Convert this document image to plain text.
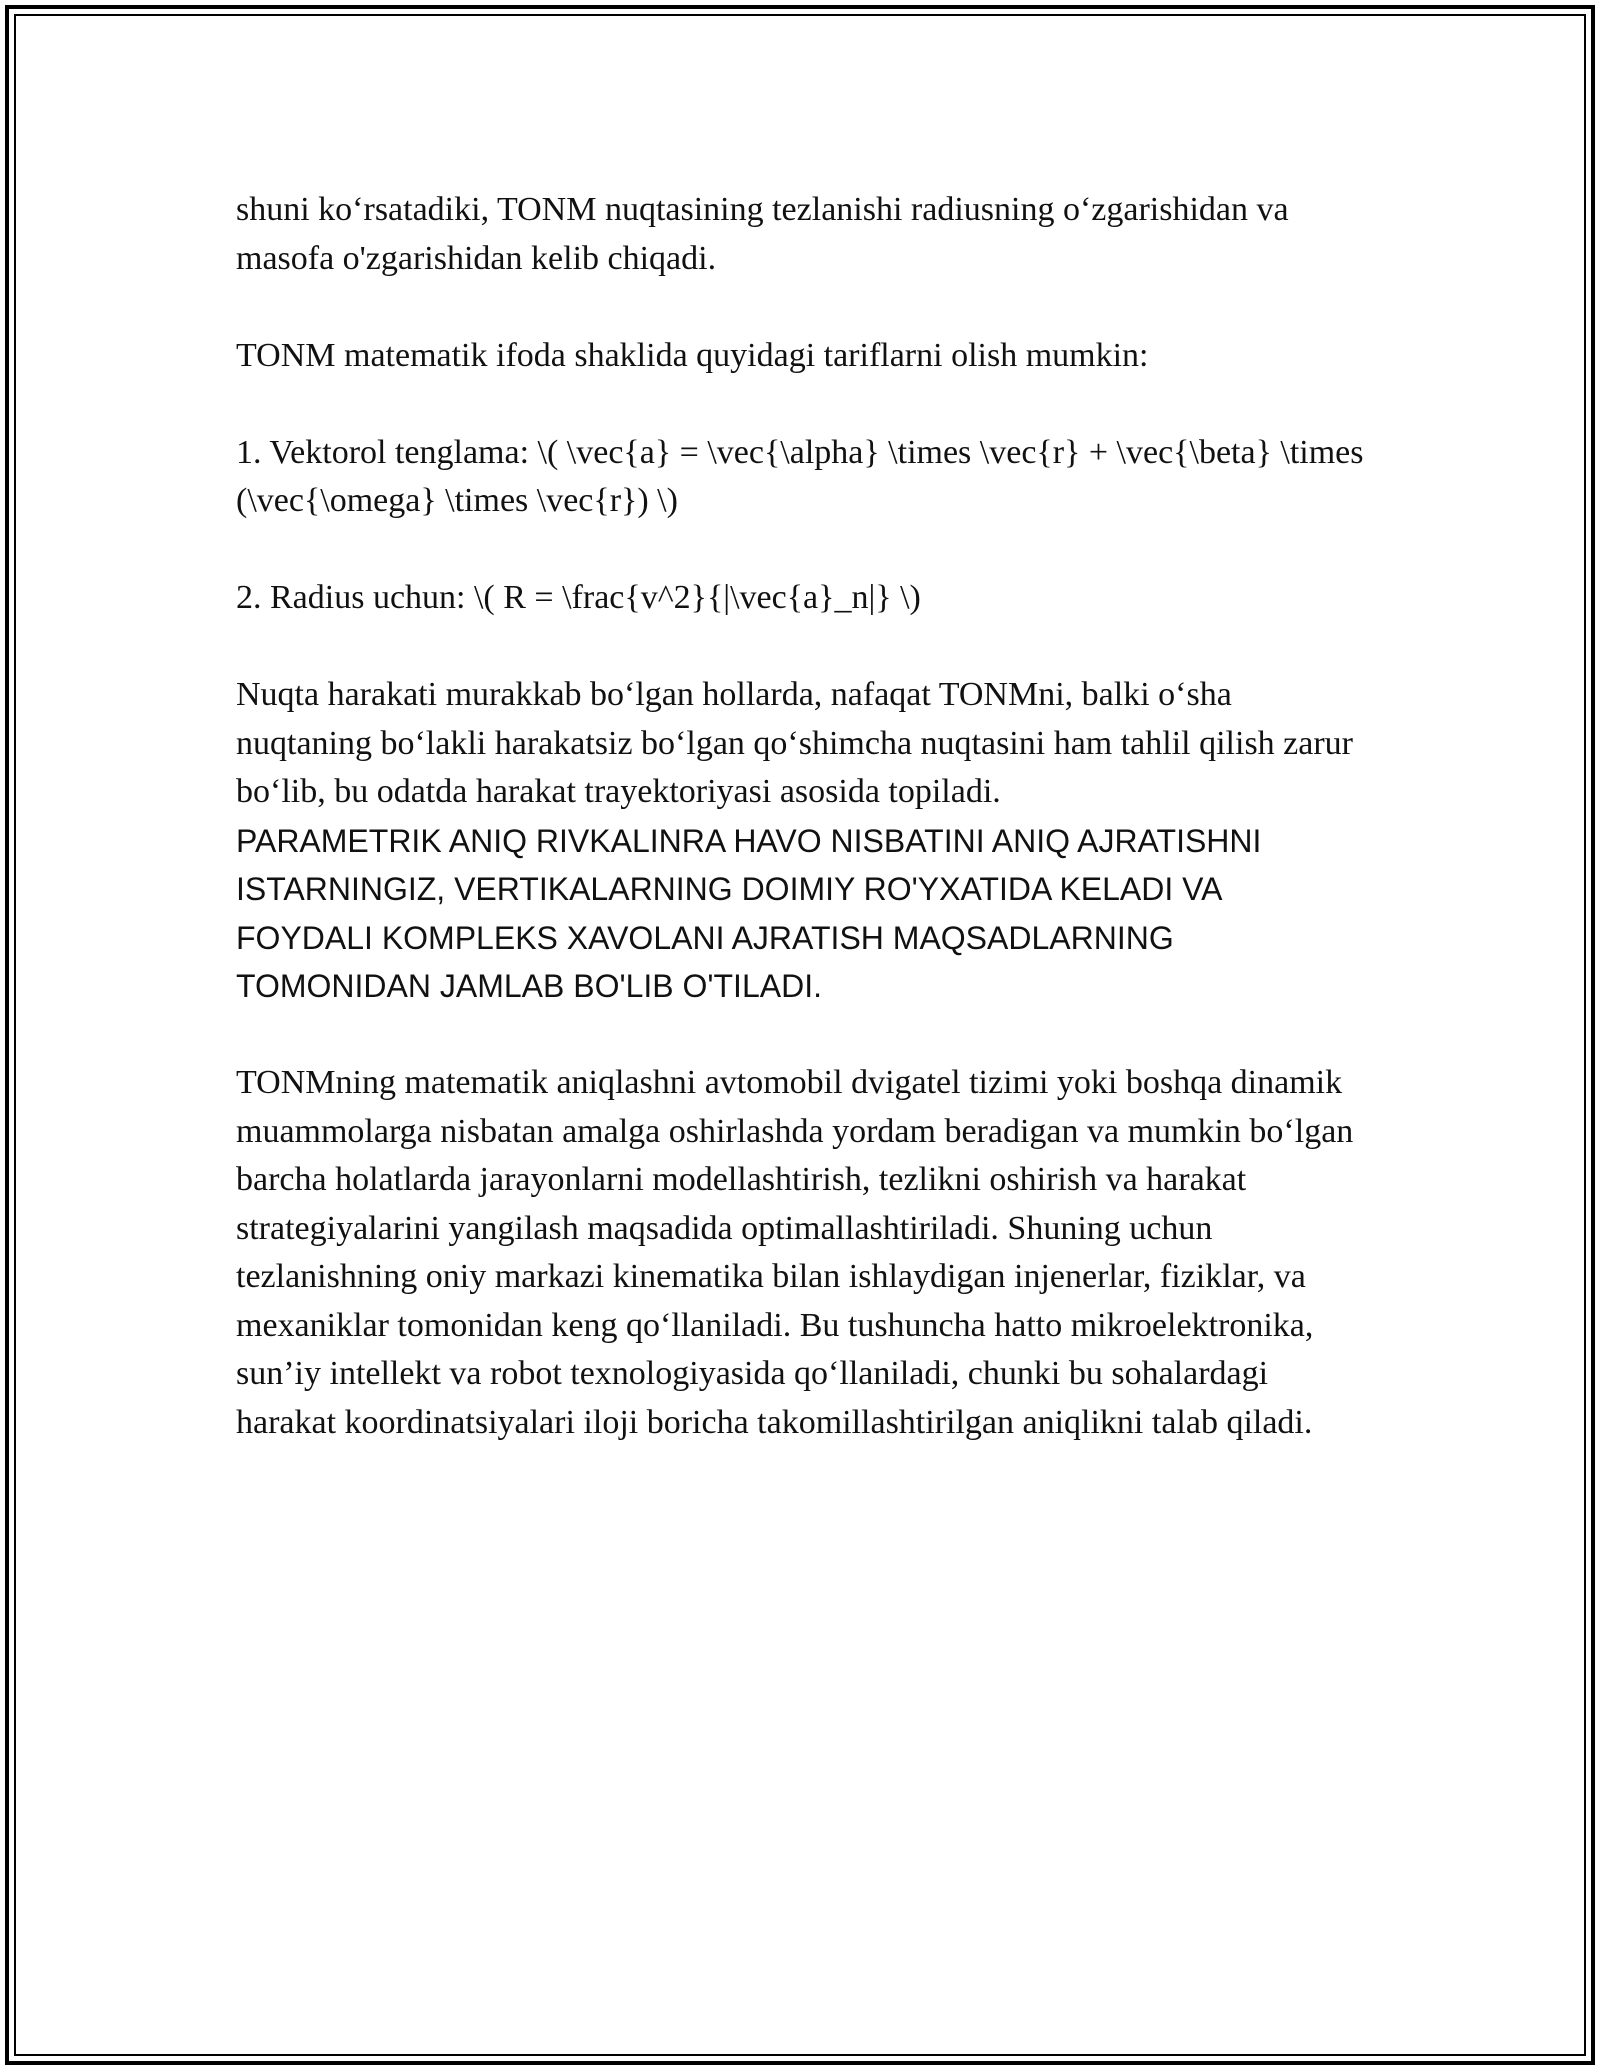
shuni ko‘rsatadiki, TONM nuqtasining tezlanishi radiusning o‘zgarishidan va masofa o'zgarishidan kelib chiqadi.

TONM matematik ifoda shaklida quyidagi tariflarni olish mumkin:

1. Vektorol tenglama: \( \vec{a} = \vec{\alpha} \times \vec{r} + \vec{\beta} \times (\vec{\omega} \times \vec{r}) \)

2. Radius uchun: \( R = \frac{v^2}{|\vec{a}_n|} \)

Nuqta harakati murakkab bo‘lgan hollarda, nafaqat TONMni, balki o‘sha nuqtaning bo‘lakli harakatsiz bo‘lgan qo‘shimcha nuqtasini ham tahlil qilish zarur bo‘lib, bu odatda harakat trayektoriyasi asosida topiladi.

PARAMETRIK ANIQ RIVKALINRA HAVO NISBATINI ANIQ AJRATISHNI ISTARNINGIZ, VERTIKALARNING DOIMIY RO'YXATIDA KELADI VA FOYDALI KOMPLEKS XAVOLANI AJRATISH MAQSADLARNING TOMONIDAN JAMLAB BO'LIB O'TILADI.

TONMning matematik aniqlashni avtomobil dvigatel tizimi yoki boshqa dinamik muammolarga nisbatan amalga oshirlashda yordam beradigan va mumkin bo‘lgan barcha holatlarda jarayonlarni modellashtirish, tezlikni oshirish va harakat strategiyalarini yangilash maqsadida optimallashtiriladi. Shuning uchun tezlanishning oniy markazi kinematika bilan ishlaydigan injenerlar, fiziklar, va mexaniklar tomonidan keng qo‘llaniladi. Bu tushuncha hatto mikroelektronika, sun’iy intellekt va robot texnologiyasida qo‘llaniladi, chunki bu sohalardagi harakat koordinatsiyalari iloji boricha takomillashtirilgan aniqlikni talab qiladi.
